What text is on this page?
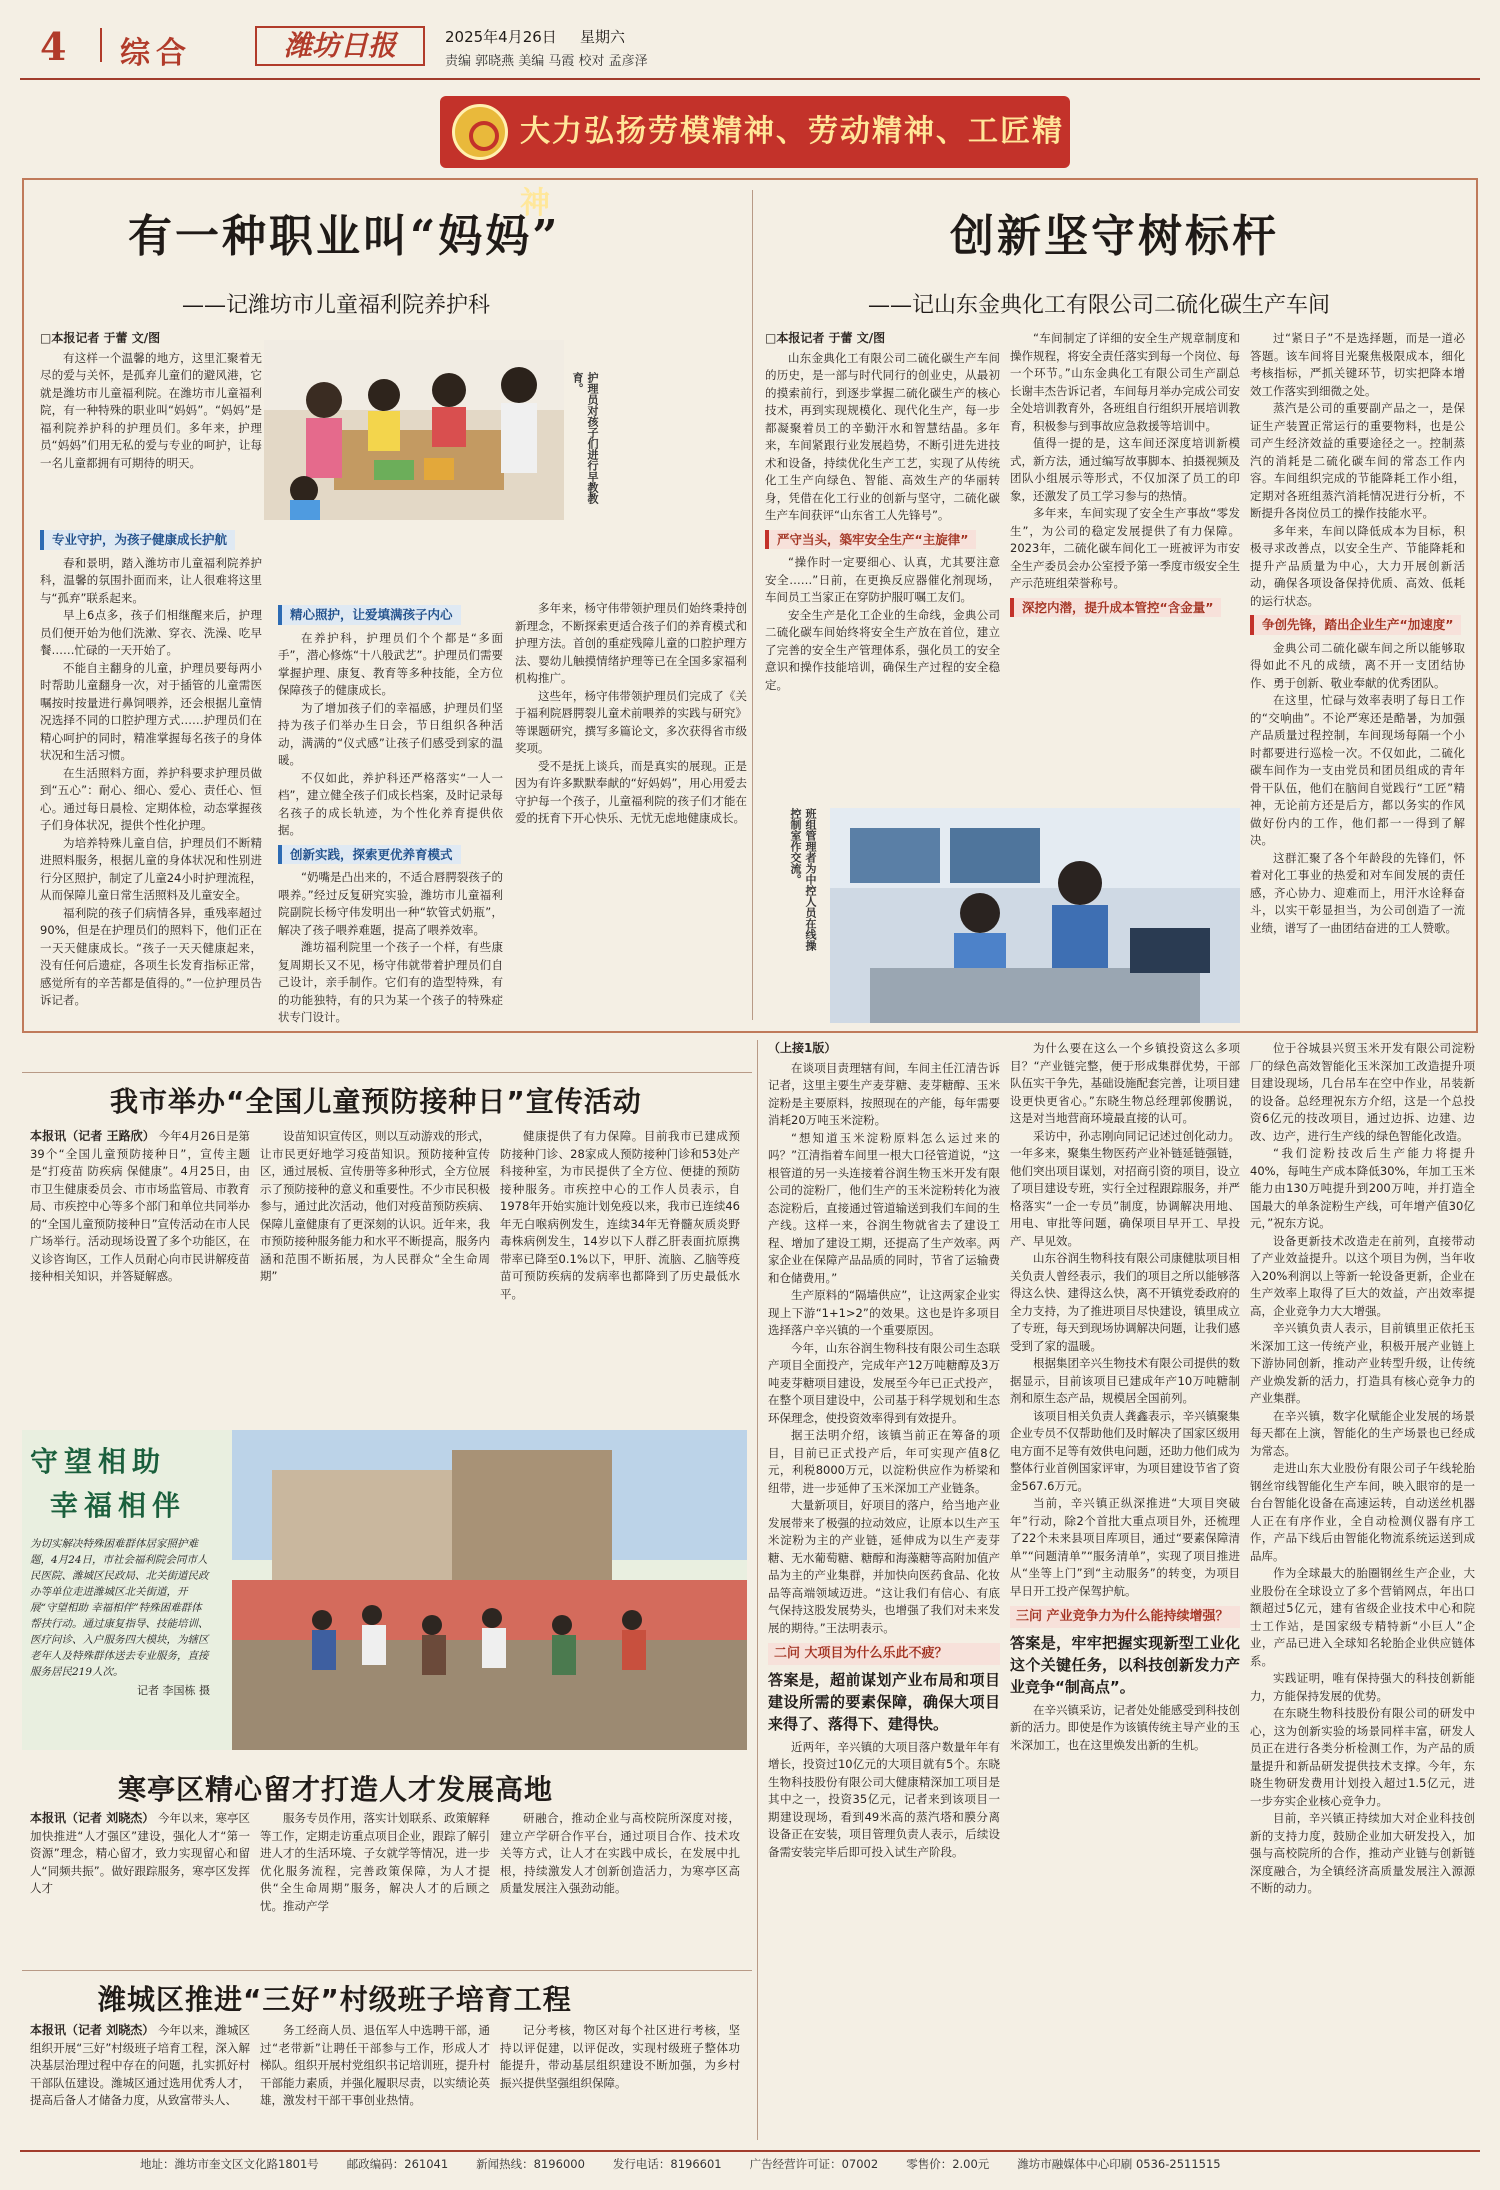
4 综合	潍坊日报	2025年4月26日 星期六
责编 郭晓燕 美编 马霞 校对 孟彦泽
大力弘扬劳模精神、劳动精神、工匠精神
有一种职业叫“妈妈”
——记潍坊市儿童福利院养护科
护理员对孩子们进行早教教育。
□本报记者 于蕾 文/图

有这样一个温馨的地方，这里汇聚着无尽的爱与关怀，是孤弃儿童们的避风港，它就是潍坊市儿童福利院。在潍坊市儿童福利院，有一种特殊的职业叫“妈妈”。“妈妈”是福利院养护科的护理员们。多年来，护理员“妈妈”们用无私的爱与专业的呵护，让每一名儿童都拥有可期待的明天。

专业守护，为孩子健康成长护航

春和景明，踏入潍坊市儿童福利院养护科，温馨的氛围扑面而来，让人很难将这里与“孤弃”联系起来。

早上6点多，孩子们相继醒来后，护理员们便开始为他们洗漱、穿衣、洗澡、吃早餐……忙碌的一天开始了。

不能自主翻身的儿童，护理员要每两小时帮助儿童翻身一次，对于插管的儿童需医嘱按时按量进行鼻饲喂养，还会根据儿童情况选择不同的口腔护理方式……护理员们在精心呵护的同时，精准掌握每名孩子的身体状况和生活习惯。

在生活照料方面，养护科要求护理员做到“五心”：耐心、细心、爱心、责任心、恒心。通过每日晨检、定期体检，动态掌握孩子们身体状况，提供个性化护理。

为培养特殊儿童自信，护理员们不断精进照料服务，根据儿童的身体状况和性别进行分区照护，制定了儿童24小时护理流程，从而保障儿童日常生活照料及儿童安全。

福利院的孩子们病情各异，重残率超过90%，但是在护理员们的照料下，他们正在一天天健康成长。“孩子一天天健康起来，没有任何后遗症，各项生长发育指标正常，感觉所有的辛苦都是值得的。”一位护理员告诉记者。

精心照护，让爱填满孩子内心

在养护科，护理员们个个都是“多面手”，潜心修炼“十八般武艺”。护理员们需要掌握护理、康复、教育等多种技能，全方位保障孩子的健康成长。

为了增加孩子们的幸福感，护理员们坚持为孩子们举办生日会，节日组织各种活动，满满的“仪式感”让孩子们感受到家的温暖。

不仅如此，养护科还严格落实“一人一档”，建立健全孩子们成长档案，及时记录每名孩子的成长轨迹，为个性化养育提供依据。

创新实践，探索更优养育模式

“奶嘴是凸出来的，不适合唇腭裂孩子的喂养。”经过反复研究实验，潍坊市儿童福利院副院长杨守伟发明出一种“软管式奶瓶”，解决了孩子喂养难题，提高了喂养效率。

潍坊福利院里一个孩子一个样，有些康复周期长又不见，杨守伟就带着护理员们自己设计，亲手制作。它们有的造型特殊，有的功能独特，有的只为某一个孩子的特殊症状专门设计。

多年来，杨守伟带领护理员们始终秉持创新理念，不断探索更适合孩子们的养育模式和护理方法。首创的重症残障儿童的口腔护理方法、婴幼儿触摸情绪护理等已在全国多家福利机构推广。

这些年，杨守伟带领护理员们完成了《关于福利院唇腭裂儿童术前喂养的实践与研究》等课题研究，撰写多篇论文，多次获得省市级奖项。

受不是抚上谈兵，而是真实的展现。正是因为有许多默默奉献的“好妈妈”，用心用爱去守护每一个孩子，儿童福利院的孩子们才能在爱的抚育下开心快乐、无忧无虑地健康成长。

创新坚守树标杆
——记山东金典化工有限公司二硫化碳生产车间
□本报记者 于蕾 文/图

山东金典化工有限公司二硫化碳生产车间的历史，是一部与时代同行的创业史，从最初的摸索前行，到逐步掌握二硫化碳生产的核心技术，再到实现规模化、现代化生产，每一步都凝聚着员工的辛勤汗水和智慧结晶。多年来，车间紧跟行业发展趋势，不断引进先进技术和设备，持续优化生产工艺，实现了从传统化工生产向绿色、智能、高效生产的华丽转身，凭借在化工行业的创新与坚守，二硫化碳生产车间获评“山东省工人先锋号”。

严守当头，築牢安全生产“主旋律”

“操作时一定要细心、认真，尤其要注意安全……”日前，在更换反应器催化剂现场，车间员工当家正在穿防护服叮嘱工友们。

安全生产是化工企业的生命线，金典公司二硫化碳车间始终将安全生产放在首位，建立了完善的安全生产管理体系，强化员工的安全意识和操作技能培训，确保生产过程的安全稳定。

“车间制定了详细的安全生产规章制度和操作规程，将安全责任落实到每一个岗位、每一个环节。”山东金典化工有限公司生产副总长谢丰杰告诉记者，车间每月举办完成公司安全处培训教育外，各班组自行组织开展培训教育，积极参与到事故应急救援等培训中。

值得一提的是，这车间还深度培训新模式，新方法，通过编写故事脚本、拍摄视频及团队小组展示等形式，不仅加深了员工的印象，还激发了员工学习参与的热情。

多年来，车间实现了安全生产事故“零发生”，为公司的稳定发展提供了有力保障。2023年，二硫化碳车间化工一班被评为市安全生产委员会办公室授予第一季度市级安全生产示范班组荣誉称号。

深挖内潜，提升成本管控“含金量”

过“紧日子”不是选择题，而是一道必答题。该车间将目光聚焦极限成本，细化考核指标，严抓关键环节，切实把降本增效工作落实到细微之处。

蒸汽是公司的重要副产品之一，是保证生产装置正常运行的重要物料，也是公司产生经济效益的重要途径之一。控制蒸汽的消耗是二硫化碳车间的常态工作内容。车间组织完成的节能降耗工作小组，定期对各班组蒸汽消耗情况进行分析，不断提升各岗位员工的操作技能水平。

多年来，车间以降低成本为目标，积极寻求改善点，以安全生产、节能降耗和提升产品质量为中心，大力开展创新活动，确保各项设备保持优质、高效、低耗的运行状态。

争创先锋，踏出企业生产“加速度”

金典公司二硫化碳车间之所以能够取得如此不凡的成绩，离不开一支团结协作、勇于创新、敬业奉献的优秀团队。

在这里，忙碌与效率表明了每日工作的“交响曲”。不论严寒还是酷暑，为加强产品质量过程控制，车间现场每隔一个小时都要进行巡检一次。不仅如此，二硫化碳车间作为一支由党员和团员组成的青年骨干队伍，他们在脑间自觉践行“工匠”精神，无论前方还是后方，都以务实的作风做好份内的工作，他们都一一得到了解决。

这群汇聚了各个年龄段的先锋们，怀着对化工事业的热爱和对车间发展的责任感，齐心协力、迎难而上，用汗水诠释奋斗，以实干彰显担当，为公司创造了一流业绩，谱写了一曲团结奋进的工人赞歌。

班组管理者为中控人员在线操控制室作交流。
我市举办“全国儿童预防接种日”宣传活动
本报讯（记者 王路欣） 今年4月26日是第39个“全国儿童预防接种日”，宣传主题是“打疫苗 防疾病 保健康”。4月25日，由市卫生健康委员会、市市场监管局、市教育局、市疾控中心等多个部门和单位共同举办的“全国儿童预防接种日”宣传活动在市人民广场举行。活动现场设置了多个功能区，在义诊咨询区，工作人员耐心向市民讲解疫苗接种相关知识，并答疑解惑。

设苗知识宣传区，则以互动游戏的形式，让市民更好地学习疫苗知识。预防接种宣传区，通过展板、宣传册等多种形式，全方位展示了预防接种的意义和重要性。不少市民积极参与，通过此次活动，他们对疫苗预防疾病、保障儿童健康有了更深刻的认识。近年来，我市预防接种服务能力和水平不断提高，服务内涵和范围不断拓展，为人民群众“全生命周期”

健康提供了有力保障。目前我市已建成预防接种门诊、28家成人预防接种门诊和53处产科接种室，为市民提供了全方位、便捷的预防接种服务。市疾控中心的工作人员表示，自1978年开始实施计划免疫以来，我市已连续46年无白喉病例发生，连续34年无脊髓灰质炎野毒株病例发生，14岁以下人群乙肝表面抗原携带率已降至0.1%以下，甲肝、流脑、乙脑等疫苗可预防疾病的发病率也都降到了历史最低水平。

守望相助
幸福相伴
为切实解决特殊困难群体居家照护难题，4月24日，市社会福利院会同市人民医院、潍城区民政局、北关街道民政办等单位走进潍城区北关街道，开展“守望相助 幸福相伴”特殊困难群体帮扶行动。通过康复指导、技能培训、医疗问诊、入户服务四大模块，为辖区老年人及特殊群体送去专业服务，直接服务居民219人次。
记者 李国栋 摄
寒亭区精心留才打造人才发展高地
本报讯（记者 刘晓杰） 今年以来，寒亭区加快推进“人才强区”建设，强化人才“第一资源”理念，精心留才，致力实现留心和留人“同频共振”。做好跟踪服务，寒亭区发挥人才

服务专员作用，落实计划联系、政策解释等工作，定期走访重点项目企业，跟踪了解引进人才的生活环境、子女就学等情况，进一步优化服务流程，完善政策保障，为人才提供“全生命周期”服务，解决人才的后顾之忧。推动产学

研融合，推动企业与高校院所深度对接，建立产学研合作平台，通过项目合作、技术攻关等方式，让人才在实践中成长，在发展中扎根，持续激发人才创新创造活力，为寒亭区高质量发展注入强劲动能。

潍城区推进“三好”村级班子培育工程
本报讯（记者 刘晓杰） 今年以来，潍城区组织开展“三好”村级班子培育工程，深入解决基层治理过程中存在的问题，扎实抓好村干部队伍建设。潍城区通过选用优秀人才，提高后备人才储备力度，从致富带头人、

务工经商人员、退伍军人中选聘干部，通过“老带新”让聘任干部参与工作，形成人才梯队。组织开展村党组织书记培训班，提升村干部能力素质，并强化履职尽责，以实绩论英雄，激发村干部干事创业热情。

记分考核，物区对每个社区进行考核，坚持以评促建，以评促改，实现村级班子整体功能提升，带动基层组织建设不断加强，为乡村振兴提供坚强组织保障。

（上接1版）

在谈项目责理辖有间，车间主任江清告诉记者，这里主要生产麦芽糖、麦芽糖醇、玉米淀粉是主要原料，按照现在的产能，每年需要消耗20万吨玉米淀粉。

“想知道玉米淀粉原料怎么运过来的吗？”江清指着车间里一根大口径管道说，“这根管道的另一头连接着谷润生物玉米开发有限公司的淀粉厂，他们生产的玉米淀粉转化为液态淀粉后，直接通过管道输送到我们车间的生产线。这样一来，谷润生物就省去了建设工程、增加了建设工期，还提高了生产效率。两家企业在保障产品品质的同时，节省了运输费和仓储费用。”

生产原料的“隔墙供应”，让这两家企业实现上下游“1+1>2”的效果。这也是许多项目选择落户辛兴镇的一个重要原因。

今年，山东谷润生物科技有限公司生态联产项目全面投产，完成年产12万吨糖醇及3万吨麦芽糖项目建设，发展至今年已正式投产，在整个项目建设中，公司基于科学规划和生态环保理念，使投资效率得到有效提升。

据王法明介绍，该镇当前正在筹备的项目，目前已正式投产后，年可实现产值8亿元，利税8000万元，以淀粉供应作为桥梁和纽带，进一步延伸了玉米深加工产业链条。

大量新项目，好项目的落户，给当地产业发展带来了极强的拉动效应，让原本以生产玉米淀粉为主的产业链，延伸成为以生产麦芽糖、无水葡萄糖、糖醇和海藻糖等高附加值产品为主的产业集群，并加快向医药食品、化妆品等高端领域迈进。“这让我们有信心、有底气保持这股发展势头，也增强了我们对未来发展的期待。”王法明表示。

二问 大项目为什么乐此不疲？
答案是，超前谋划产业布局和项目建设所需的要素保障，确保大项目来得了、落得下、建得快。

近两年，辛兴镇的大项目落户数量年年有增长，投资过10亿元的大项目就有5个。东晓生物科技股份有限公司大健康精深加工项目是其中之一，投资35亿元，记者来到该项目一期建设现场，看到49米高的蒸汽塔和膜分离设备正在安装，项目管理负责人表示，后续设备需安装完毕后即可投入试生产阶段。

为什么要在这么一个乡镇投资这么多项目？“产业链完整，便于形成集群优势，干部队伍实干争先，基础设施配套完善，让项目建设更快更省心。”东晓生物总经理郭俊鹏说，这是对当地营商环境最直接的认可。

采访中，孙志刚向同记记述过创化动力。一年多来，聚集生物医药产业补链延链强链，他们突出项目谋划，对招商引资的项目，设立了项目建设专班，实行全过程跟踪服务，并严格落实“一企一专员”制度，协调解决用地、用电、审批等问题，确保项目早开工、早投产、早见效。

山东谷润生物科技有限公司康健肽项目相关负责人曾经表示，我们的项目之所以能够落得这么快、建得这么快，离不开镇党委政府的全力支持，为了推进项目尽快建设，镇里成立了专班，每天到现场协调解决问题，让我们感受到了家的温暖。

根据集团辛兴生物技术有限公司提供的数据显示，目前该项目已建成年产10万吨糖制剂和原生态产品，规模居全国前列。

该项目相关负责人龚鑫表示，辛兴镇聚集企业专员不仅帮助他们及时解决了国家区级用电方面不足等有效供电问题，还助力他们成为整体行业首例国家评审，为项目建设节省了资金567.6万元。

当前，辛兴镇正纵深推进“大项目突破年”行动，除2个首批大重点项目外，还梳理了22个未来县项目库项目，通过“要素保障清单”“问题清单”“服务清单”，实现了项目推进从“坐等上门”到“主动服务”的转变，为项目早日开工投产保驾护航。

三问 产业竞争力为什么能持续增强？
答案是，牢牢把握实现新型工业化这个关键任务，以科技创新发力产业竞争“制高点”。

在辛兴镇采访，记者处处能感受到科技创新的活力。即使是作为该镇传统主导产业的玉米深加工，也在这里焕发出新的生机。

位于谷城县兴贸玉米开发有限公司淀粉厂的绿色高效智能化玉米深加工改造提升项目建设现场，几台吊车在空中作业，吊装新的设备。总经理祝东方介绍，这是一个总投资6亿元的技改项目，通过边拆、边建、边改、边产，进行生产线的绿色智能化改造。

“我们淀粉技改后生产能力将提升40%，每吨生产成本降低30%，年加工玉米能力由130万吨提升到200万吨，并打造全国最大的单条淀粉生产线，可年增产值30亿元，”祝东方说。

设备更新技术改造走在前列，直接带动了产业效益提升。以这个项目为例，当年收入20%利润以上等新一轮设备更新，企业在生产效率上取得了巨大的效益，产出效率提高，企业竞争力大大增强。

辛兴镇负责人表示，目前镇里正依托玉米深加工这一传统产业，积极开展产业链上下游协同创新，推动产业转型升级，让传统产业焕发新的活力，打造具有核心竞争力的产业集群。

在辛兴镇，数字化赋能企业发展的场景每天都在上演，智能化的生产场景也已经成为常态。

走进山东大业股份有限公司子午线轮胎钢丝帘线智能化生产车间，映入眼帘的是一台台智能化设备在高速运转，自动送丝机器人正在有序作业，全自动检测仪器有序工作，产品下线后由智能化物流系统运送到成品库。

作为全球最大的胎圈钢丝生产企业，大业股份在全球设立了多个营销网点，年出口额超过5亿元，建有省级企业技术中心和院士工作站，是国家级专精特新“小巨人”企业，产品已进入全球知名轮胎企业供应链体系。

实践证明，唯有保持强大的科技创新能力，方能保持发展的优势。

在东晓生物科技股份有限公司的研发中心，这为创新实验的场景同样丰富，研发人员正在进行各类分析检测工作，为产品的质量提升和新品研发提供技术支撑。今年，东晓生物研发费用计划投入超过1.5亿元，进一步夯实企业核心竞争力。

目前，辛兴镇正持续加大对企业科技创新的支持力度，鼓励企业加大研发投入，加强与高校院所的合作，推动产业链与创新链深度融合，为全镇经济高质量发展注入源源不断的动力。

地址：潍坊市奎文区文化路1801号 邮政编码：261041 新闻热线：8196000 发行电话：8196601 广告经营许可证：07002 零售价：2.00元 潍坊市融媒体中心印刷 0536-2511515
